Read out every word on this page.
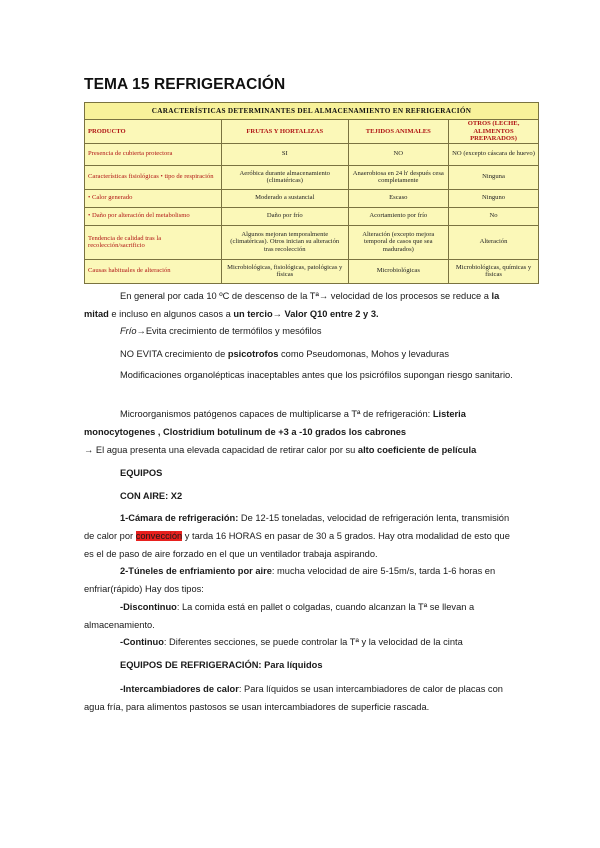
TEMA 15 REFRIGERACIÓN
CARACTERÍSTICAS DETERMINANTES DEL ALMACENAMIENTO EN REFRIGERACIÓN			
PRODUCTO	FRUTAS Y HORTALIZAS	TEJIDOS ANIMALES	OTROS (LECHE, ALIMENTOS PREPARADOS)
Presencia de cubierta protectora	SI	NO	NO (excepto cáscara de huevo)
Características fisiológicas • tipo de respiración	Aeróbica durante almacenamiento (climatéricas)	Anaerobiosa en 24 h' después cesa completamente	Ninguna
• Calor generado	Moderado a sustancial	Escaso	Ninguno
• Daño por alteración del metabolismo	Daño por frío	Acortamiento por frío	No
Tendencia de calidad tras la recolección/sacrificio	Algunos mejoran temporalmente (climatéricas). Otros inician su alteración tras recolección	Alteración (excepto mejora temporal de casos que sea madurados)	Alteración
Causas habituales de alteración	Microbiológicas, fisiológicas, patológicas y físicas	Microbiológicas	Microbiológicas, químicas y físicas
En general por cada 10 ºC de descenso de la Tª→ velocidad de los procesos se reduce a la mitad e incluso en algunos casos a un tercio→ Valor Q10 entre 2 y 3.
Frío→Evita crecimiento de termófilos y mesófilos
NO EVITA crecimiento de psicotrofos como Pseudomonas, Mohos y levaduras
Modificaciones organolépticas inaceptables antes que los psicrófilos supongan riesgo sanitario.
Microorganismos patógenos capaces de multiplicarse a Tª de refrigeración: Listeria monocytogenes , Clostridium botulinum de +3 a -10 grados los cabrones
→ El agua presenta una elevada capacidad de retirar calor por su alto coeficiente de película
EQUIPOS
CON AIRE: X2
1-Cámara de refrigeración: De 12-15 toneladas, velocidad de refrigeración lenta, transmisión de calor por convección y tarda 16 HORAS en pasar de 30 a 5 grados. Hay otra modalidad de esto que es el de paso de aire forzado en el que un ventilador trabaja aspirando.
2-Túneles de enfriamiento por aire: mucha velocidad de aire 5-15m/s, tarda 1-6 horas en enfriar(rápido) Hay dos tipos:
-Discontinuo: La comida está en pallet o colgadas, cuando alcanzan la Tª se llevan a almacenamiento.
-Continuo: Diferentes secciones, se puede controlar la Tª y la velocidad de la cinta
EQUIPOS DE REFRIGERACIÓN: Para líquidos
-Intercambiadores de calor: Para líquidos se usan intercambiadores de calor de placas con agua fría, para alimentos pastosos se usan intercambiadores de superficie rascada.
